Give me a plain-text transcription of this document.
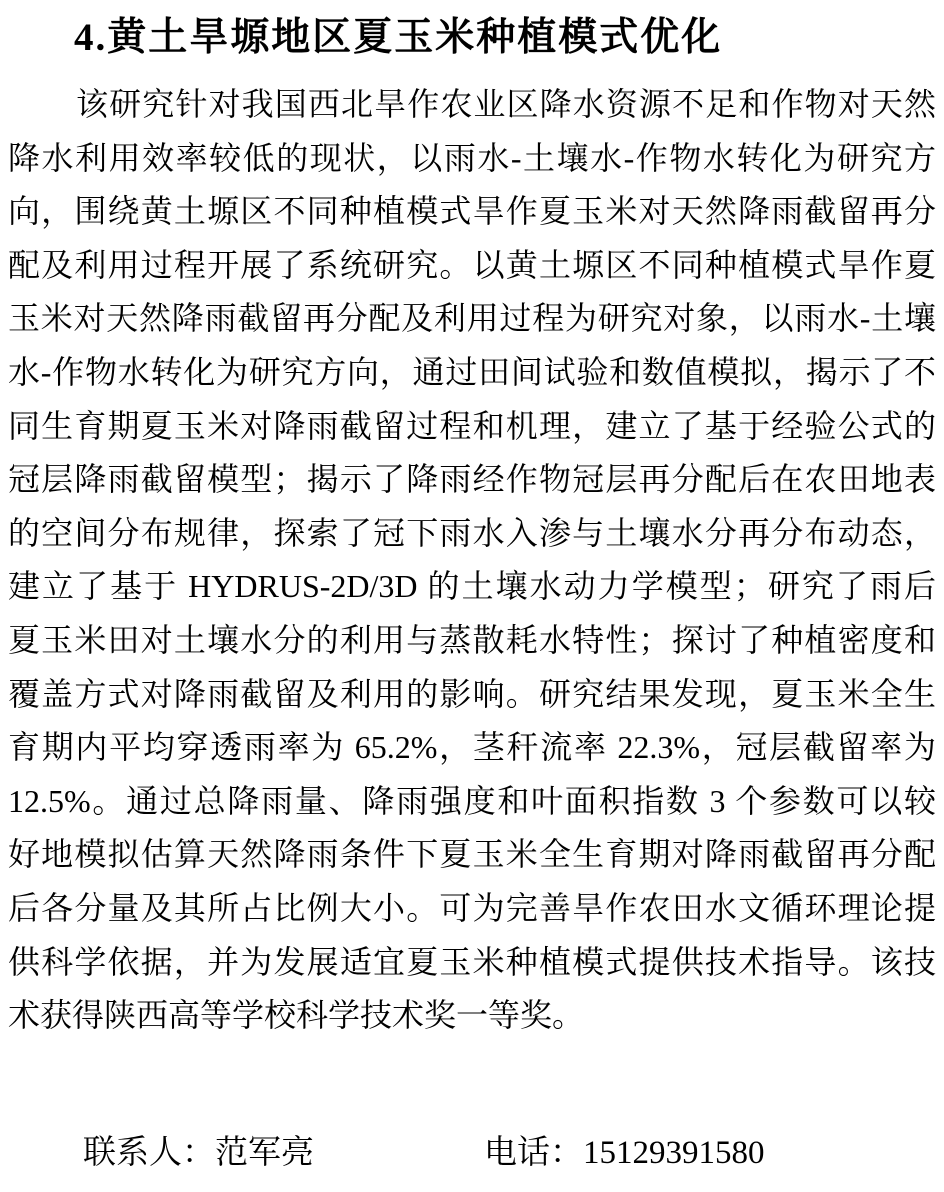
4.黄土旱塬地区夏玉米种植模式优化
该研究针对我国西北旱作农业区降水资源不足和作物对天然
降水利用效率较低的现状，以雨水-土壤水-作物水转化为研究方
向，围绕黄土塬区不同种植模式旱作夏玉米对天然降雨截留再分
配及利用过程开展了系统研究。以黄土塬区不同种植模式旱作夏
玉米对天然降雨截留再分配及利用过程为研究对象，以雨水-土壤
水-作物水转化为研究方向，通过田间试验和数值模拟，揭示了不
同生育期夏玉米对降雨截留过程和机理，建立了基于经验公式的
冠层降雨截留模型；揭示了降雨经作物冠层再分配后在农田地表
的空间分布规律，探索了冠下雨水入渗与土壤水分再分布动态，
建立了基于 HYDRUS-2D/3D 的土壤水动力学模型；研究了雨后
夏玉米田对土壤水分的利用与蒸散耗水特性；探讨了种植密度和
覆盖方式对降雨截留及利用的影响。研究结果发现，夏玉米全生
育期内平均穿透雨率为 65.2%，茎秆流率 22.3%，冠层截留率为
12.5%。通过总降雨量、降雨强度和叶面积指数 3 个参数可以较
好地模拟估算天然降雨条件下夏玉米全生育期对降雨截留再分配
后各分量及其所占比例大小。可为完善旱作农田水文循环理论提
供科学依据，并为发展适宜夏玉米种植模式提供技术指导。该技
术获得陕西高等学校科学技术奖一等奖。
联系人：范军亮	电话：15129391580
